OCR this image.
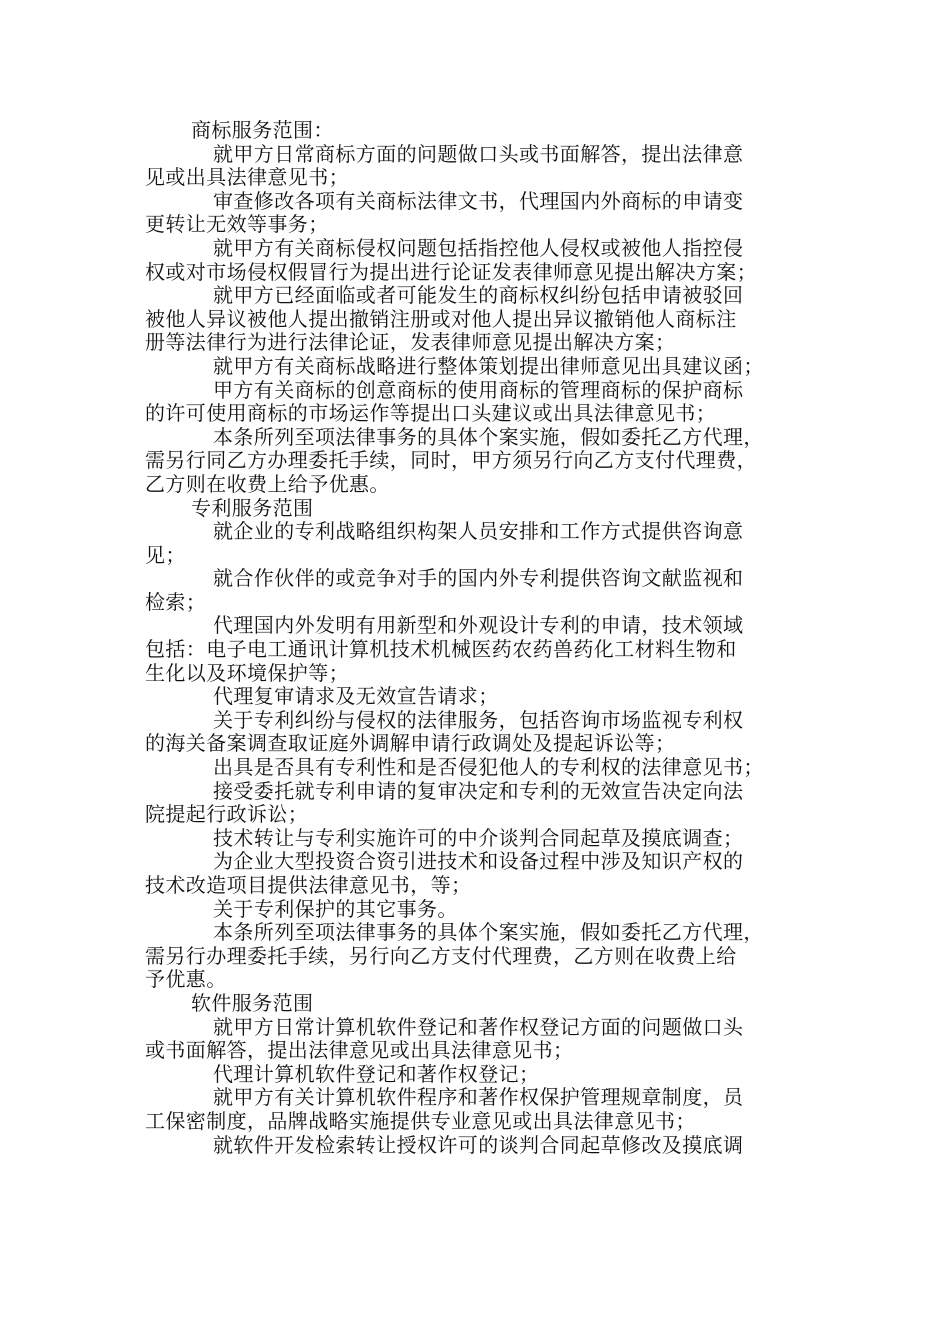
商标服务范围：
就甲方日常商标方面的问题做口头或书面解答，提出法律意
见或出具法律意见书；
审查修改各项有关商标法律文书，代理国内外商标的申请变
更转让无效等事务；
就甲方有关商标侵权问题包括指控他人侵权或被他人指控侵
权或对市场侵权假冒行为提出进行论证发表律师意见提出解决方案；
就甲方已经面临或者可能发生的商标权纠纷包括申请被驳回
被他人异议被他人提出撤销注册或对他人提出异议撤销他人商标注
册等法律行为进行法律论证，发表律师意见提出解决方案；
就甲方有关商标战略进行整体策划提出律师意见出具建议函；
甲方有关商标的创意商标的使用商标的管理商标的保护商标
的许可使用商标的市场运作等提出口头建议或出具法律意见书；
本条所列至项法律事务的具体个案实施，假如委托乙方代理，
需另行同乙方办理委托手续，同时，甲方须另行向乙方支付代理费，
乙方则在收费上给予优惠。
专利服务范围
就企业的专利战略组织构架人员安排和工作方式提供咨询意
见；
就合作伙伴的或竞争对手的国内外专利提供咨询文献监视和
检索；
代理国内外发明有用新型和外观设计专利的申请，技术领域
包括：电子电工通讯计算机技术机械医药农药兽药化工材料生物和
生化以及环境保护等；
代理复审请求及无效宣告请求；
关于专利纠纷与侵权的法律服务，包括咨询市场监视专利权
的海关备案调查取证庭外调解申请行政调处及提起诉讼等；
出具是否具有专利性和是否侵犯他人的专利权的法律意见书；
接受委托就专利申请的复审决定和专利的无效宣告决定向法
院提起行政诉讼；
技术转让与专利实施许可的中介谈判合同起草及摸底调查；
为企业大型投资合资引进技术和设备过程中涉及知识产权的
技术改造项目提供法律意见书，等；
关于专利保护的其它事务。
本条所列至项法律事务的具体个案实施，假如委托乙方代理，
需另行办理委托手续，另行向乙方支付代理费，乙方则在收费上给
予优惠。
软件服务范围
就甲方日常计算机软件登记和著作权登记方面的问题做口头
或书面解答，提出法律意见或出具法律意见书；
代理计算机软件登记和著作权登记；
就甲方有关计算机软件程序和著作权保护管理规章制度，员
工保密制度，品牌战略实施提供专业意见或出具法律意见书；
就软件开发检索转让授权许可的谈判合同起草修改及摸底调
